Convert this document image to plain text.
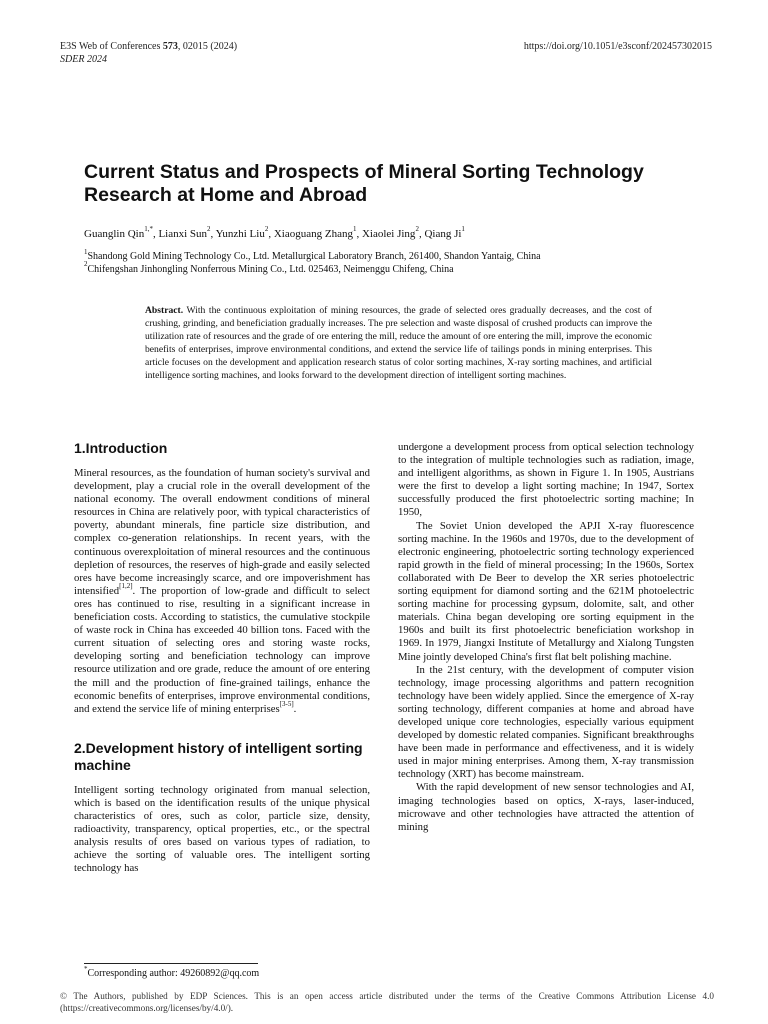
E3S Web of Conferences 573, 02015 (2024)
SDER 2024
https://doi.org/10.1051/e3sconf/202457302015
Current Status and Prospects of Mineral Sorting Technology Research at Home and Abroad
Guanglin Qin$^{1,*}$, Lianxi Sun$^2$, Yunzhi Liu$^2$, Xiaoguang Zhang$^1$, Xiaolei Jing$^2$, Qiang Ji$^1$
$^1$Shandong Gold Mining Technology Co., Ltd. Metallurgical Laboratory Branch, 261400, Shandon Yantaig, China
$^2$Chifengshan Jinhongling Nonferrous Mining Co., Ltd. 025463, Neimenggu Chifeng, China
Abstract. With the continuous exploitation of mining resources, the grade of selected ores gradually decreases, and the cost of crushing, grinding, and beneficiation gradually increases. The pre selection and waste disposal of crushed products can improve the utilization rate of resources and the grade of ore entering the mill, reduce the amount of ore entering the mill, improve the economic benefits of enterprises, improve environmental conditions, and extend the service life of tailings ponds in mining enterprises. This article focuses on the development and application research status of color sorting machines, X-ray sorting machines, and artificial intelligence sorting machines, and looks forward to the development direction of intelligent sorting machines.
1.Introduction

Mineral resources, as the foundation of human society's survival and development, play a crucial role in the overall development of the national economy. The overall endowment conditions of mineral resources in China are relatively poor, with typical characteristics of poverty, abundant minerals, fine particle size distribution, and complex co-generation relationships. In recent years, with the continuous overexploitation of mineral resources and the continuous depletion of resources, the reserves of high-grade and easily selected ores have become increasingly scarce, and ore impoverishment has intensified[1,2]. The proportion of low-grade and difficult to select ores has continued to rise, resulting in a significant increase in beneficiation costs. According to statistics, the cumulative stockpile of waste rock in China has exceeded 40 billion tons. Faced with the current situation of selecting ores and storing waste rocks, developing sorting and beneficiation technology can improve resource utilization and ore grade, reduce the amount of ore entering the mill and the production of fine-grained tailings, enhance the economic benefits of enterprises, improve environmental conditions, and extend the service life of mining enterprises[3-5].

2.Development history of intelligent sorting machine

Intelligent sorting technology originated from manual selection, which is based on the identification results of the unique physical characteristics of ores, such as color, particle size, density, radioactivity, transparency, optical properties, etc., or the spectral analysis results of ores based on various types of radiation, to achieve the sorting of valuable ores. The intelligent sorting technology has

undergone a development process from optical selection technology to the integration of multiple technologies such as radiation, image, and intelligent algorithms, as shown in Figure 1. In 1905, Austrians were the first to develop a light sorting machine; In 1947, Sortex successfully produced the first photoelectric sorting machine; In 1950,

The Soviet Union developed the APJI X-ray fluorescence sorting machine. In the 1960s and 1970s, due to the development of electronic engineering, photoelectric sorting technology experienced rapid growth in the field of mineral processing; In the 1960s, Sortex collaborated with De Beer to develop the XR series photoelectric sorting equipment for diamond sorting and the 621M photoelectric sorting machine for processing gypsum, dolomite, salt, and other materials. China began developing ore sorting equipment in the 1960s and built its first photoelectric beneficiation workshop in 1969. In 1979, Jiangxi Institute of Metallurgy and Xialong Tungsten Mine jointly developed China's first flat belt polishing machine.

In the 21st century, with the development of computer vision technology, image processing algorithms and pattern recognition technology have been widely applied. Since the emergence of X-ray sorting technology, different companies at home and abroad have developed unique core technologies, especially various equipment developed by domestic related companies. Significant breakthroughs have been made in performance and effectiveness, and it is widely used in major mining enterprises. Among them, X-ray transmission technology (XRT) has become mainstream.

With the rapid development of new sensor technologies and AI, imaging technologies based on optics, X-rays, laser-induced, microwave and other technologies have attracted the attention of mining

*Corresponding author: 49260892@qq.com
© The Authors, published by EDP Sciences. This is an open access article distributed under the terms of the Creative Commons Attribution License 4.0 (https://creativecommons.org/licenses/by/4.0/).
